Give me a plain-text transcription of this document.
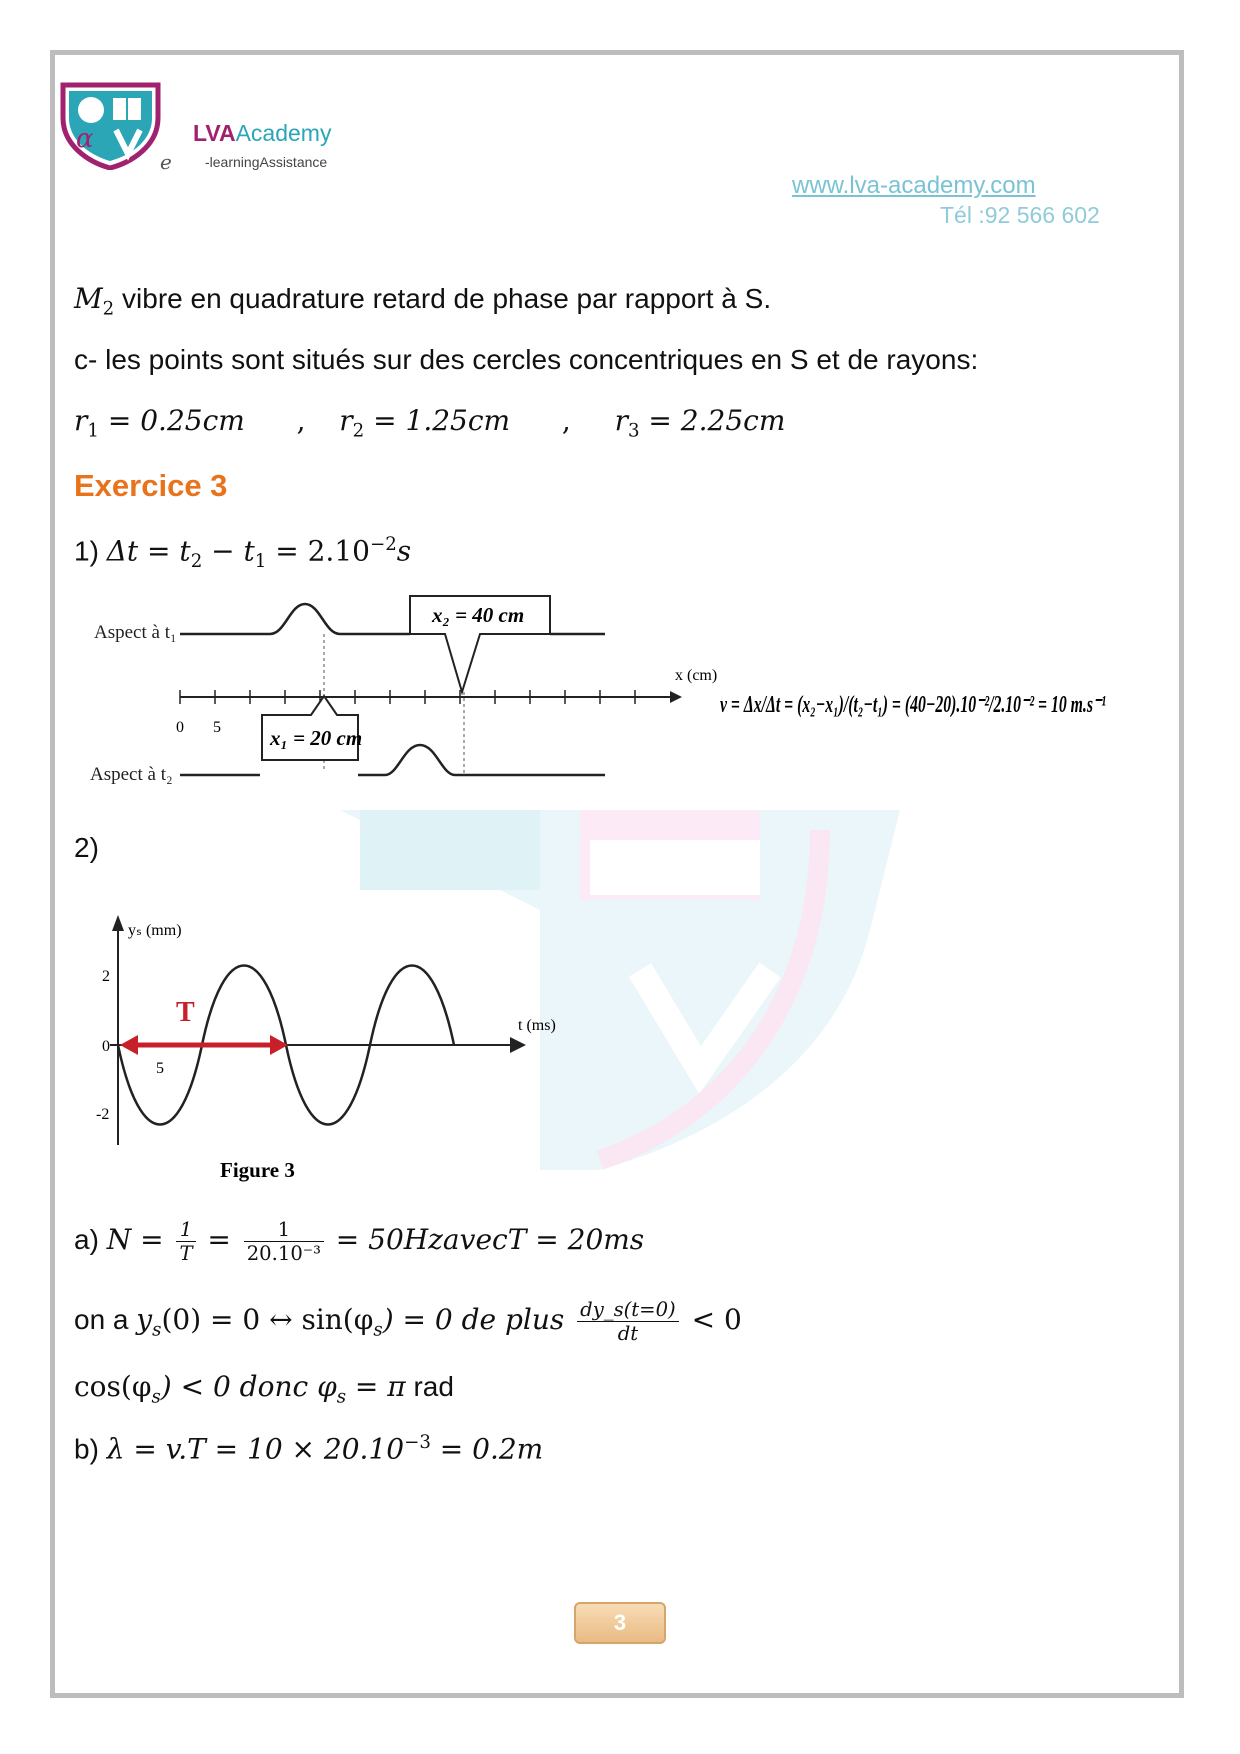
α
e
LVAAcademy
-learningAssistance
www.lva-academy.com
Tél :92 566 602
$M_2$ vibre en quadrature retard de phase par rapport à S.
c- les points sont situés sur des cercles concentriques en S et de rayons:
$r_1 = 0.25cm$ , $r_2 = 1.25cm$ , $r_3 = 2.25cm$
Exercice 3
1) $\Delta t = t_2 - t_1 = 2.10^{-2}s$
Aspect à t₁
x₂ = 40 cm
0 5
x (cm)
Aspect à t₂
x₁ = 20 cm
v = Δx/Δt = (x₂−x₁)/(t₂−t₁) = (40−20).10⁻²/2.10⁻² = 10 m.s⁻¹
2)
yₛ (mm)
t (ms)
2
0
-2
5
T
Figure 3
a) $N = \frac{1}{T} = \frac{1}{\text{20.10⁻³}}$ = 50HzavecT = 20ms
on a $y_s(0) = 0$ ↔ $\sin(\varphi_s) = 0$ de plus $\frac{dy\_s(t=0)}{dt} < 0$
$\cos(\varphi_s) < 0$ donc $\varphi_s = \pi$ rad
b) $\lambda = v.T = 10 \times 20.10^{-3} = 0.2m$
3
